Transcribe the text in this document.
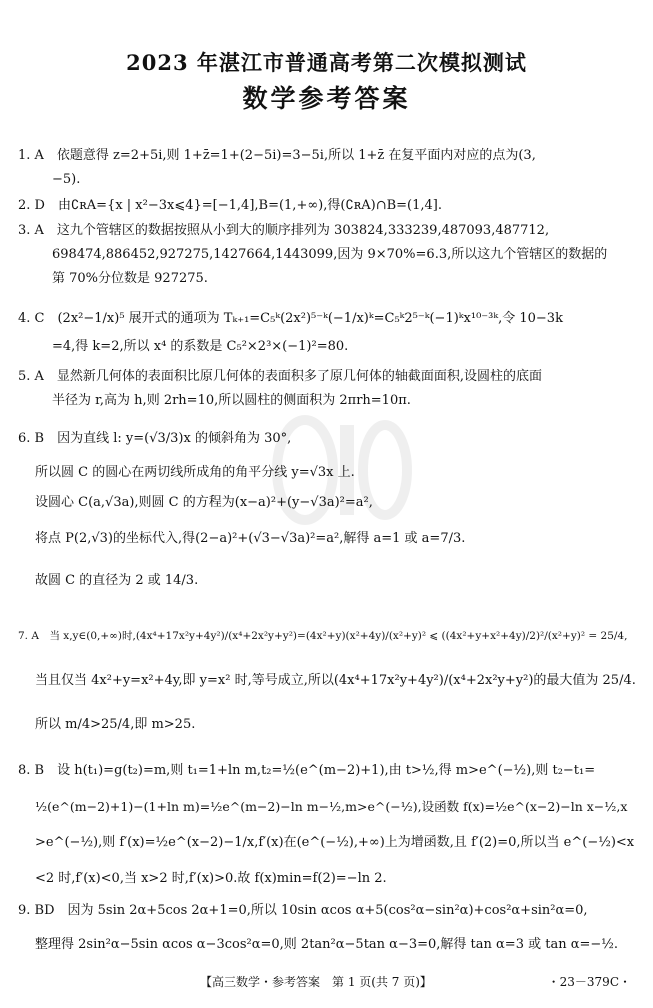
2023 年湛江市普通高考第二次模拟测试
数学参考答案
1. A　依题意得 z=2+5i,则 1+z̄=1+(2−5i)=3−5i,所以 1+z̄ 在复平面内对应的点为(3,
−5).
2. D　由∁ʀA={x | x²−3x⩽4}=[−1,4],B=(1,+∞),得(∁ʀA)∩B=(1,4].
3. A　这九个管辖区的数据按照从小到大的顺序排列为 303824,333239,487093,487712,
698474,886452,927275,1427664,1443099,因为 9×70%=6.3,所以这九个管辖区的数据的
第 70%分位数是 927275.
4. C　(2x²−1/x)⁵ 展开式的通项为 Tₖ₊₁=C₅ᵏ(2x²)⁵⁻ᵏ(−1/x)ᵏ=C₅ᵏ2⁵⁻ᵏ(−1)ᵏx¹⁰⁻³ᵏ,令 10−3k
=4,得 k=2,所以 x⁴ 的系数是 C₅²×2³×(−1)²=80.
5. A　显然新几何体的表面积比原几何体的表面积多了原几何体的轴截面面积,设圆柱的底面
半径为 r,高为 h,则 2rh=10,所以圆柱的侧面积为 2πrh=10π.
6. B　因为直线 l: y=(√3/3)x 的倾斜角为 30°,
所以圆 C 的圆心在两切线所成角的角平分线 y=√3x 上.
设圆心 C(a,√3a),则圆 C 的方程为(x−a)²+(y−√3a)²=a²,
将点 P(2,√3)的坐标代入,得(2−a)²+(√3−√3a)²=a²,解得 a=1 或 a=7/3.
故圆 C 的直径为 2 或 14/3.
7. A　当 x,y∈(0,+∞)时,(4x⁴+17x²y+4y²)/(x⁴+2x²y+y²)=(4x²+y)(x²+4y)/(x²+y)² ⩽ ((4x²+y+x²+4y)/2)²/(x²+y)² = 25/4,
当且仅当 4x²+y=x²+4y,即 y=x² 时,等号成立,所以(4x⁴+17x²y+4y²)/(x⁴+2x²y+y²)的最大值为 25/4.
所以 m/4>25/4,即 m>25.
8. B　设 h(t₁)=g(t₂)=m,则 t₁=1+ln m,t₂=½(e^(m−2)+1),由 t>½,得 m>e^(−½),则 t₂−t₁=
½(e^(m−2)+1)−(1+ln m)=½e^(m−2)−ln m−½,m>e^(−½),设函数 f(x)=½e^(x−2)−ln x−½,x
>e^(−½),则 f′(x)=½e^(x−2)−1/x,f′(x)在(e^(−½),+∞)上为增函数,且 f′(2)=0,所以当 e^(−½)<x
<2 时,f′(x)<0,当 x>2 时,f′(x)>0.故 f(x)min=f(2)=−ln 2.
9. BD　因为 5sin 2α+5cos 2α+1=0,所以 10sin αcos α+5(cos²α−sin²α)+cos²α+sin²α=0,
整理得 2sin²α−5sin αcos α−3cos²α=0,则 2tan²α−5tan α−3=0,解得 tan α=3 或 tan α=−½.
【高三数学・参考答案　第 1 页(共 7 页)】	・23－379C・
